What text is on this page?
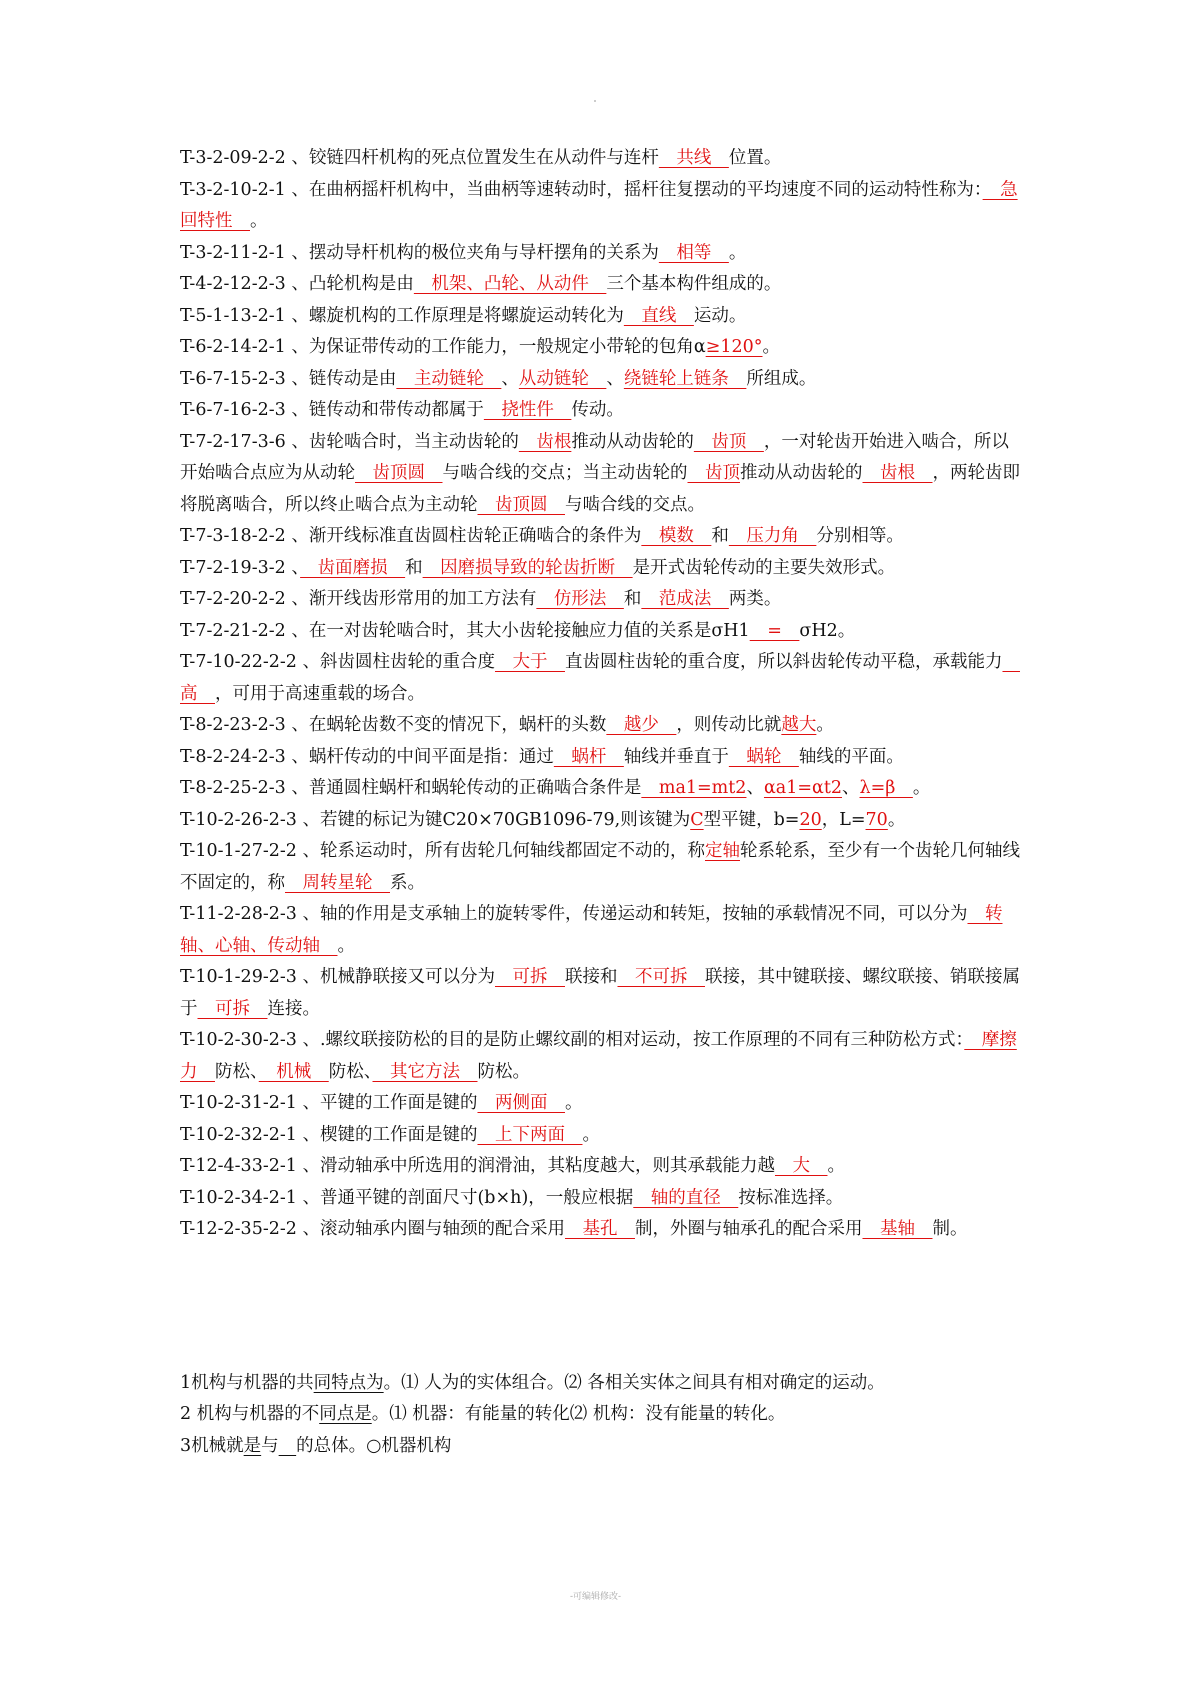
T-3-2-09-2-2 、铰链四杆机构的死点位置发生在从动件与连杆　共线　位置。

T-3-2-10-2-1 、在曲柄摇杆机构中，当曲柄等速转动时，摇杆往复摆动的平均速度不同的运动特性称为：　急回特性　。

T-3-2-11-2-1 、摆动导杆机构的极位夹角与导杆摆角的关系为　相等　。

T-4-2-12-2-3 、凸轮机构是由　机架、凸轮、从动件　三个基本构件组成的。

T-5-1-13-2-1 、螺旋机构的工作原理是将螺旋运动转化为　直线　运动。

T-6-2-14-2-1 、为保证带传动的工作能力，一般规定小带轮的包角α≥120°。

T-6-7-15-2-3 、链传动是由　主动链轮　、从动链轮　、绕链轮上链条　所组成。

T-6-7-16-2-3 、链传动和带传动都属于　挠性件　传动。

T-7-2-17-3-6 、齿轮啮合时，当主动齿轮的　齿根推动从动齿轮的　齿顶　，一对轮齿开始进入啮合，所以开始啮合点应为从动轮　齿顶圆　与啮合线的交点；当主动齿轮的　齿顶推动从动齿轮的　齿根　，两轮齿即将脱离啮合，所以终止啮合点为主动轮　齿顶圆　与啮合线的交点。

T-7-3-18-2-2 、渐开线标准直齿圆柱齿轮正确啮合的条件为　模数　和　压力角　分别相等。

T-7-2-19-3-2 、　齿面磨损　和　因磨损导致的轮齿折断　是开式齿轮传动的主要失效形式。

T-7-2-20-2-2 、渐开线齿形常用的加工方法有　仿形法　和　范成法　两类。

T-7-2-21-2-2 、在一对齿轮啮合时，其大小齿轮接触应力值的关系是σH1　=　σH2。

T-7-10-22-2-2 、斜齿圆柱齿轮的重合度　大于　直齿圆柱齿轮的重合度，所以斜齿轮传动平稳，承载能力　高　，可用于高速重载的场合。

T-8-2-23-2-3 、在蜗轮齿数不变的情况下，蜗杆的头数　越少　，则传动比就越大。

T-8-2-24-2-3 、蜗杆传动的中间平面是指：通过　蜗杆　轴线并垂直于　蜗轮　轴线的平面。

T-8-2-25-2-3 、普通圆柱蜗杆和蜗轮传动的正确啮合条件是　ma1=mt2、αa1=αt2、λ=β　。

T-10-2-26-2-3 、若键的标记为键C20×70GB1096-79,则该键为C型平键，b=20，L=70。

T-10-1-27-2-2 、轮系运动时，所有齿轮几何轴线都固定不动的，称定轴轮系轮系，至少有一个齿轮几何轴线不固定的，称　周转星轮　系。

T-11-2-28-2-3 、轴的作用是支承轴上的旋转零件，传递运动和转矩，按轴的承载情况不同，可以分为　转轴、心轴、传动轴　。

T-10-1-29-2-3 、机械静联接又可以分为　可拆　联接和　不可拆　联接，其中键联接、螺纹联接、销联接属于　可拆　连接。

T-10-2-30-2-3 、.螺纹联接防松的目的是防止螺纹副的相对运动，按工作原理的不同有三种防松方式：　摩擦力　防松、　机械　防松、　其它方法　防松。

T-10-2-31-2-1 、平键的工作面是键的　两侧面　。

T-10-2-32-2-1 、楔键的工作面是键的　上下两面　。

T-12-4-33-2-1 、滑动轴承中所选用的润滑油，其粘度越大，则其承载能力越　大　。

T-10-2-34-2-1 、普通平键的剖面尺寸(b×h)，一般应根据　轴的直径　按标准选择。

T-12-2-35-2-2 、滚动轴承内圈与轴颈的配合采用　基孔　制，外圈与轴承孔的配合采用　基轴　制。

1机构与机器的共同特点为。⑴ 人为的实体组合。⑵ 各相关实体之间具有相对确定的运动。

2 机构与机器的不同点是。⑴ 机器：有能量的转化⑵ 机构：没有能量的转化。

3机械就是与　 的总体。○机器机构

-可编辑修改-
